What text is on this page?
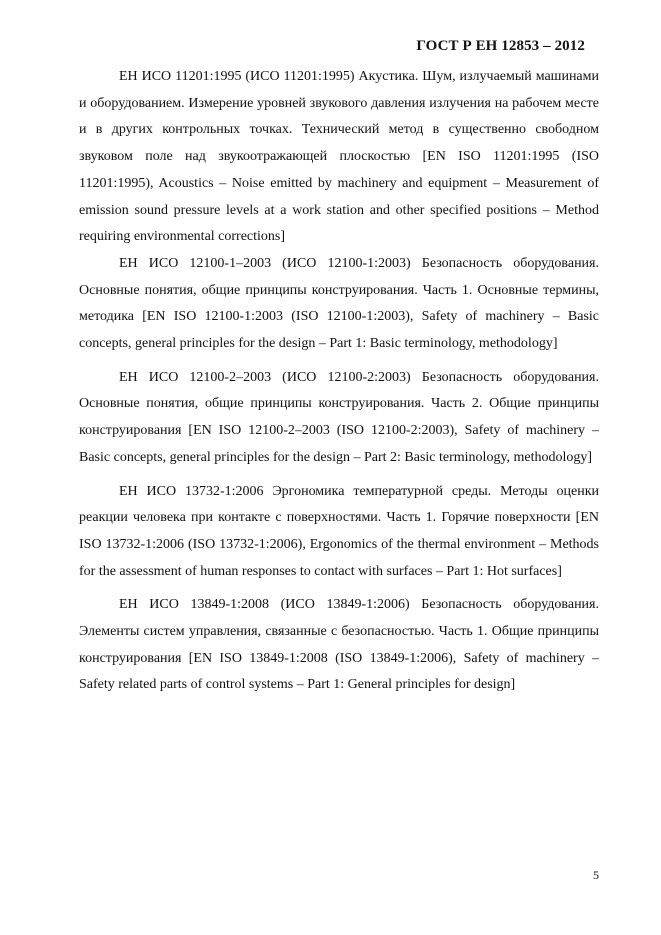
ГОСТ Р ЕН 12853 – 2012

ЕН ИСО 11201:1995 (ИСО 11201:1995) Акустика. Шум, излучаемый машинами и оборудованием. Измерение уровней звукового давления излучения на рабочем месте и в других контрольных точках. Технический метод в существенно свободном звуковом поле над звукоотражающей плоскостью [EN ISO 11201:1995 (ISO 11201:1995), Acoustics – Noise emitted by machinery and equipment – Measurement of emission sound pressure levels at a work station and other specified positions – Method requiring environmental corrections]

ЕН ИСО 12100-1–2003 (ИСО 12100-1:2003) Безопасность оборудования. Основные понятия, общие принципы конструирования. Часть 1. Основные термины, методика [EN ISO 12100-1:2003 (ISO 12100-1:2003), Safety of machinery – Basic concepts, general principles for the design – Part 1: Basic terminology, methodology]

ЕН ИСО 12100-2–2003 (ИСО 12100-2:2003) Безопасность оборудования. Основные понятия, общие принципы конструирования. Часть 2. Общие принципы конструирования [EN ISO 12100-2–2003 (ISO 12100-2:2003), Safety of machinery – Basic concepts, general principles for the design – Part 2: Basic terminology, methodology]

ЕН ИСО 13732-1:2006 Эргономика температурной среды. Методы оценки реакции человека при контакте с поверхностями. Часть 1. Горячие поверхности [EN ISO 13732-1:2006 (ISO 13732-1:2006), Ergonomics of the thermal environment – Methods for the assessment of human responses to contact with surfaces – Part 1: Hot surfaces]

ЕН ИСО 13849-1:2008 (ИСО 13849-1:2006) Безопасность оборудования. Элементы систем управления, связанные с безопасностью. Часть 1. Общие принципы конструирования [EN ISO 13849-1:2008 (ISO 13849-1:2006), Safety of machinery – Safety related parts of control systems – Part 1: General principles for design]

5
